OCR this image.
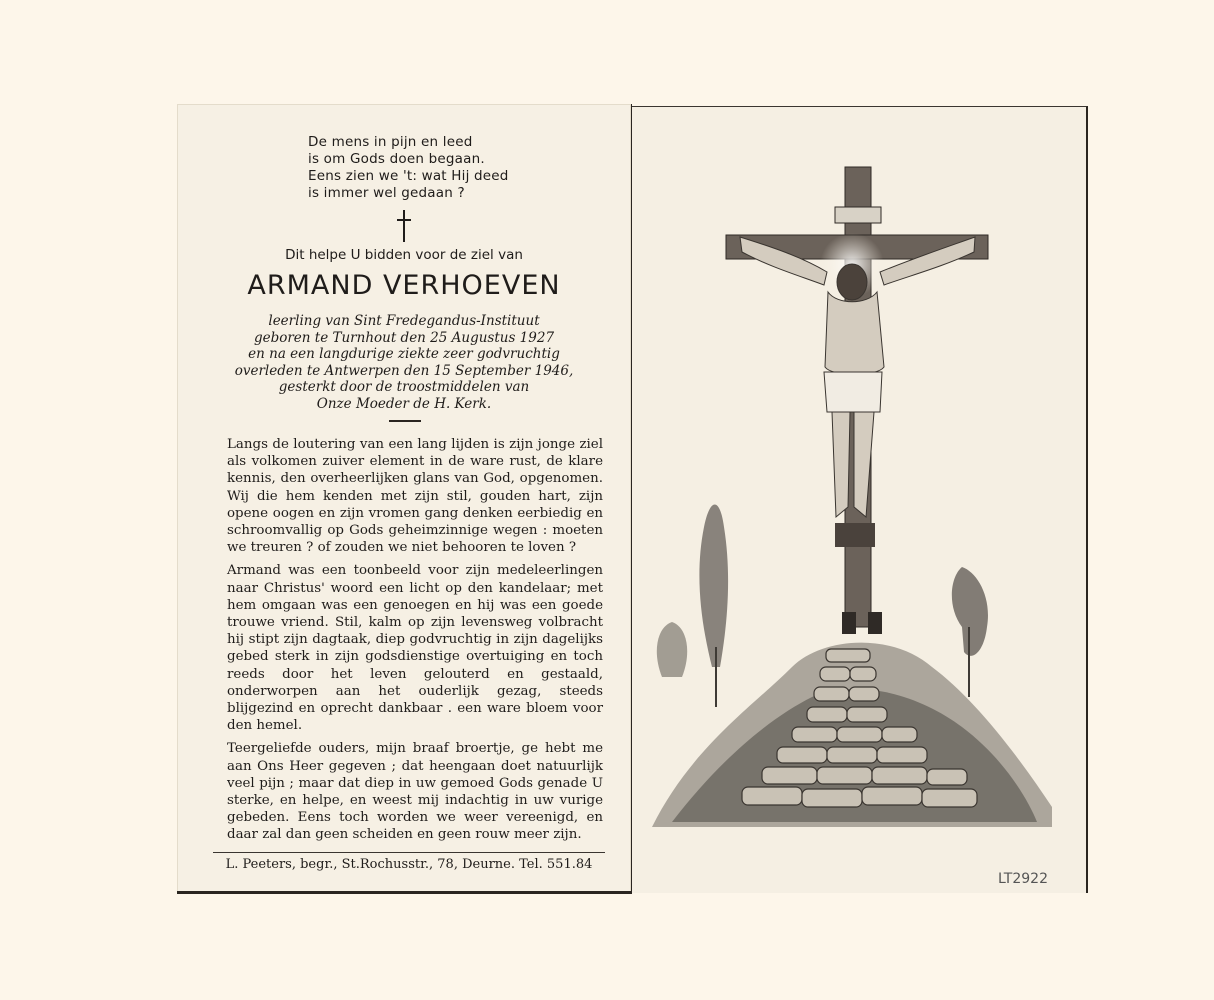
De mens in pijn en leed
is om Gods doen begaan.
Eens zien we 't: wat Hij deed
is immer wel gedaan ?
Dit helpe U bidden voor de ziel van
ARMAND VERHOEVEN
leerling van Sint Fredegandus-Instituut
geboren te Turnhout den 25 Augustus 1927
en na een langdurige ziekte zeer godvruchtig
overleden te Antwerpen den 15 September 1946,
gesterkt door de troostmiddelen van
Onze Moeder de H. Kerk.

Langs de loutering van een lang lijden is zijn jonge ziel als volkomen zuiver element in de ware rust, de klare kennis, den overheerlijken glans van God, opgenomen. Wij die hem kenden met zijn stil, gouden hart, zijn opene oogen en zijn vromen gang denken eerbiedig en schroomvallig op Gods geheimzinnige wegen : moeten we treuren ? of zouden we niet behooren te loven ?

Armand was een toonbeeld voor zijn medeleerlingen naar Christus' woord een licht op den kandelaar; met hem omgaan was een genoegen en hij was een goede trouwe vriend. Stil, kalm op zijn levensweg volbracht hij stipt zijn dagtaak, diep godvruchtig in zijn dagelijks gebed sterk in zijn godsdienstige overtuiging en toch reeds door het leven gelouterd en gestaald, onderworpen aan het ouderlijk gezag, steeds blijgezind en oprecht dankbaar . een ware bloem voor den hemel.

Teergeliefde ouders, mijn braaf broertje, ge hebt me aan Ons Heer gegeven ; dat heengaan doet natuurlijk veel pijn ; maar dat diep in uw gemoed Gods genade U sterke, en helpe, en weest mij indachtig in uw vurige gebeden. Eens toch worden we weer vereenigd, en daar zal dan geen scheiden en geen rouw meer zijn.

L. Peeters, begr., St.Rochusstr., 78, Deurne. Tel. 551.84
LT2922
